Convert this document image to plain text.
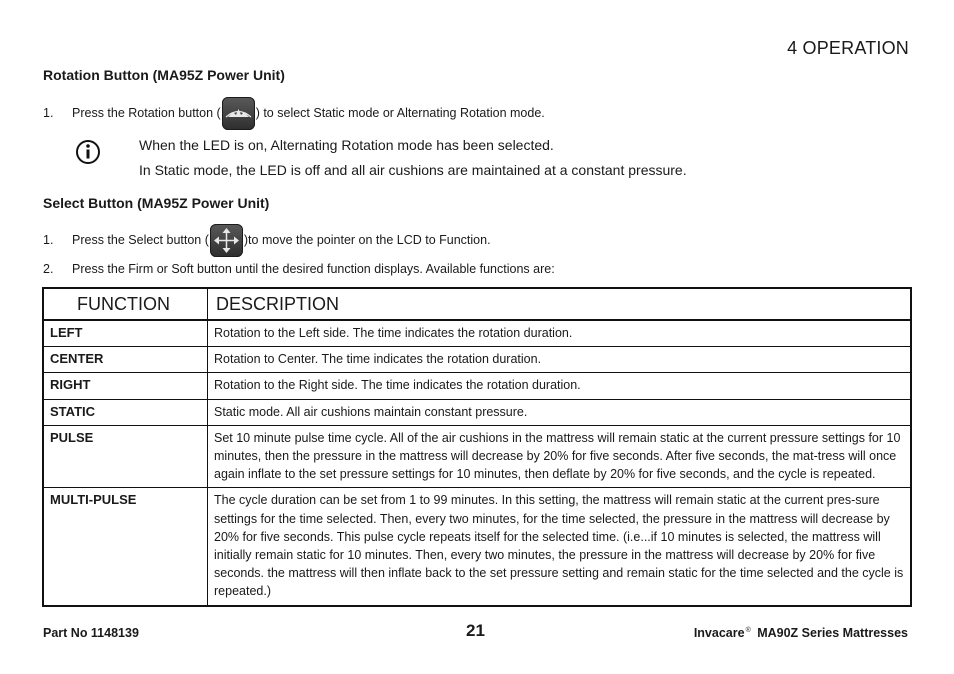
4 OPERATION
Rotation Button (MA95Z Power Unit)
1.	Press the Rotation button (	) to select Static mode or Alternating Rotation mode.
When the LED is on, Alternating Rotation mode has been selected.
In Static mode, the LED is off and all air cushions are maintained at a constant pressure.
Select Button (MA95Z Power Unit)
1.	Press the Select button (	)to move the pointer on the LCD to Function.
2.	Press the Firm or Soft button until the desired function displays. Available functions are:
FUNCTION	DESCRIPTION
LEFT	Rotation to the Left side. The time indicates the rotation duration.
CENTER	Rotation to Center. The time indicates the rotation duration.
RIGHT	Rotation to the Right side. The time indicates the rotation duration.
STATIC	Static mode. All air cushions maintain constant pressure.
PULSE	Set 10 minute pulse time cycle. All of the air cushions in the mattress will remain static at the current pressure settings for 10 minutes, then the pressure in the mattress will decrease by 20% for five seconds. After five seconds, the mat-tress will once again inflate to the set pressure settings for 10 minutes, then deflate by 20% for five seconds, and the cycle is repeated.
MULTI-PULSE	The cycle duration can be set from 1 to 99 minutes. In this setting, the mattress will remain static at the current pres-sure settings for the time selected. Then, every two minutes, for the time selected, the pressure in the mattress will decrease by 20% for five seconds. This pulse cycle repeats itself for the selected time. (i.e...if 10 minutes is selected, the mattress will initially remain static for 10 minutes. Then, every two minutes, the pressure in the mattress will decrease by 20% for five seconds. the mattress will then inflate back to the set pressure setting and remain static for the time selected and the cycle is repeated.)
Part No 1148139	21	Invacare® MA90Z Series Mattresses
